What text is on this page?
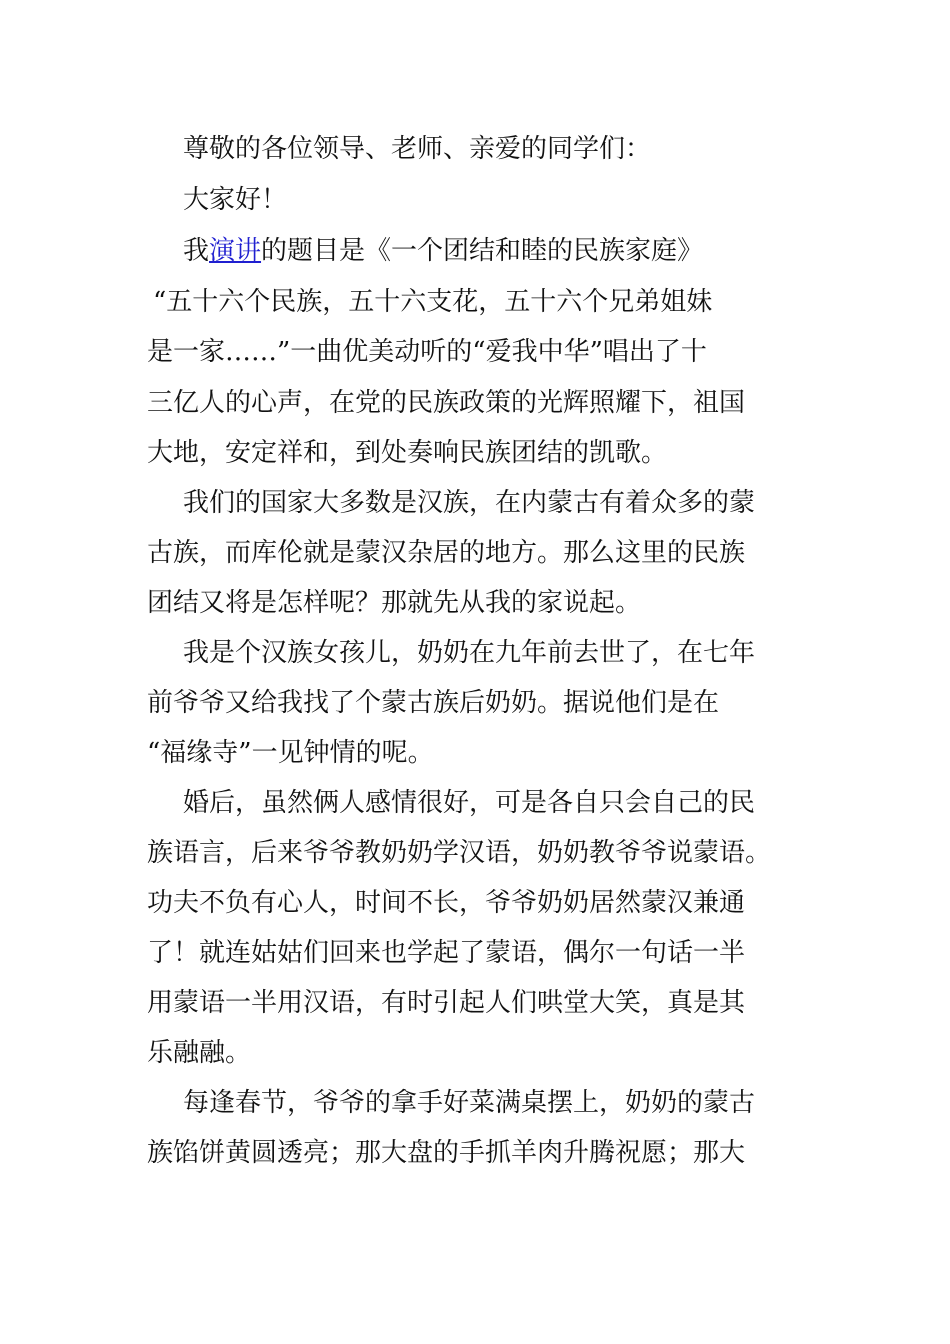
尊敬的各位领导、老师、亲爱的同学们：
大家好！
我演讲的题目是《一个团结和睦的民族家庭》
“五十六个民族，五十六支花，五十六个兄弟姐妹
是一家……”一曲优美动听的“爱我中华”唱出了十
三亿人的心声，在党的民族政策的光辉照耀下，祖国
大地，安定祥和，到处奏响民族团结的凯歌。
我们的国家大多数是汉族，在内蒙古有着众多的蒙
古族，而库伦就是蒙汉杂居的地方。那么这里的民族
团结又将是怎样呢？那就先从我的家说起。
我是个汉族女孩儿，奶奶在九年前去世了，在七年
前爷爷又给我找了个蒙古族后奶奶。据说他们是在
“福缘寺”一见钟情的呢。
婚后，虽然俩人感情很好，可是各自只会自己的民
族语言，后来爷爷教奶奶学汉语，奶奶教爷爷说蒙语。
功夫不负有心人，时间不长，爷爷奶奶居然蒙汉兼通
了！就连姑姑们回来也学起了蒙语，偶尔一句话一半
用蒙语一半用汉语，有时引起人们哄堂大笑，真是其
乐融融。
每逢春节，爷爷的拿手好菜满桌摆上，奶奶的蒙古
族馅饼黄圆透亮；那大盘的手抓羊肉升腾祝愿；那大
